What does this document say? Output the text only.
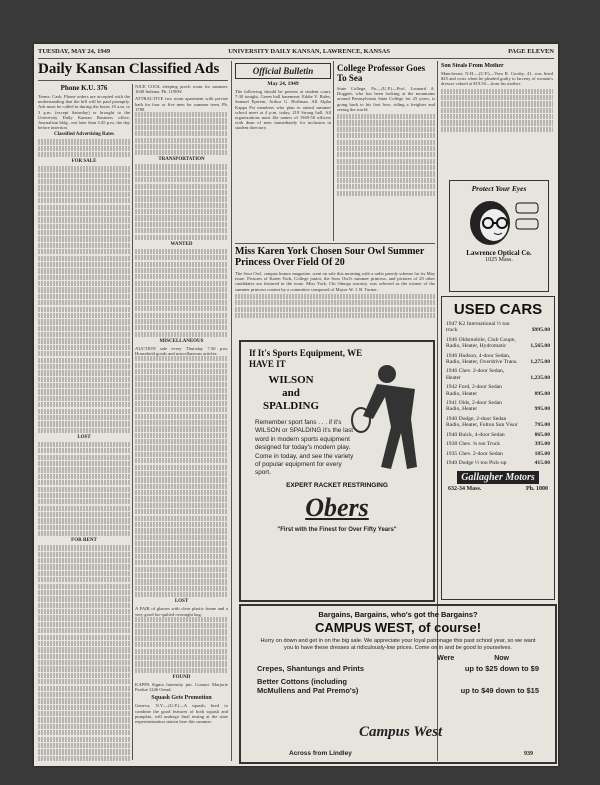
TUESDAY, MAY 24, 1949	UNIVERSITY DAILY KANSAN, LAWRENCE, KANSAS	PAGE ELEVEN
Daily Kansan Classified Ads
Phone K.U. 376
Terms: Cash. Phone orders are accepted with the understanding that the bill will be paid promptly. Ads must be called in during the hours 10 a.m. to 3 p.m. (except Saturday) or brought to the University Daily Kansan Business office, Journalism bldg., not later than 3:45 p.m. the day before insertion.
Classified Advertising Rates
FOR SALE
LOST
FOR RENT
NICE COOL sleeping porch room for summer. 1040 Indiana. Ph. 1198W.
ATTRACTIVE two room apartment with private bath for four or five men for summer term. Ph. 1780.
TRANSPORTATION
WANTED
MISCELLANEOUS
AUCTION sale every Thursday 7:30 p.m. Household goods and miscellaneous articles.
LOST
A PAIR of glasses with clear plastic frame and a very good fur-quilted overnight bag.
FOUND
KAPPA Sigma fraternity pin. Contact Marjorie Pardue 1246 Oread.
Squash Gets Promotion
Geneva, N.Y.—(U.P.)—A squash, bred to combine the good features of both squash and pumpkin, will undergo final testing at the state experimentation station here this summer.
Official Bulletin
May 24, 1949
The following should be present at student court, 7:30 tonight, Green hall basement: Eddie V. Bales, Samuel Epstein, Arthur G. Hoffman. All Alpha Kappa Psi members who plan to attend summer school meet at 4 p.m. today, 219 Strong hall. All organizations must file names of 1949-50 officers with dean of men immediately for inclusion in student directory.
College Professor Goes To Sea
State College, Pa.—(U.P.)—Prof. Leonard A. Doggett, who has been looking at the mountains around Pennsylvania State College for 25 years, is going back to his first love, riding a freighter and seeing the world.
Son Steals From Mother
Manchester, N.H.—(U.P.)—Vern R. Crosby, 41, was fined $25 and costs when he pleaded guilty to larceny of woman's dresses valued at $19.50—from his mother.
Protect Your Eyes
Lawrence Optical Co.
1025 Mass.
Miss Karen York Chosen Sour Owl Summer Princess Over Field Of 20
The Sour Owl, campus humor magazine, went on sale this morning with a radio parody scheme for its May issue. Pictures of Karen York, College junior, the Sour Owl's summer princess, and pictures of 20 other candidates are featured in the issue. Miss York, Chi Omega sorority, was selected as the winner of the summer princess contest by a committee composed of Mayor W. J. B. Turner.
If It's Sports Equipment, WE HAVE IT
WILSON and SPALDING
Remember sport fans . . . if it's WILSON or SPALDING it's the last word in modern sports equipment designed for today's modern play. Come in today, and see the variety of popular equipment for every sport.
EXPERT RACKET RESTRINGING
Obers
"First with the Finest for Over Fifty Years"
USED CARS
1947 K2 International ½ ton truck	$995.00
1946 Oldsmobile, Club Coupe, Radio, Heater, Hydromatic	1,565.00
1946 Hudson, 4-door Sedan, Radio, Heater, Overdrive Trans. 1,275.00
1946 Chev. 2-door Sedan, Heater	1,235.00
1942 Ford, 2-door Sedan Radio, Heater	895.00
1941 Olds, 2-door Sedan Radio, Heater	995.00
1940 Dodge, 2-door Sedan Radio, Heater, Fulton Sun Visor	795.00
1940 Buick, 4-door Sedan	865.00
1938 Chev. ¾ ton Truck	395.00
1935 Chev. 2-door Sedan	185.00
1940 Dodge ½ ton Pick-up	415.00
Gallagher Motors
632-34 Mass.	Ph. 1000
Bargains, Bargains, who's got the Bargains?
CAMPUS WEST, of course!
Hurry on down and get in on the big sale. We appreciate your loyal patronage this past school year, so we want you to have these dresses at ridiculously-low prices. Come on in and be good to yourselves.
Were	Now
Crepes, Shantungs and Prints	up to $25 down to $9
Better Cottons (including McMullens and Pat Premo's)	up to $49 down to $15
Campus West
Across from Lindley	939
